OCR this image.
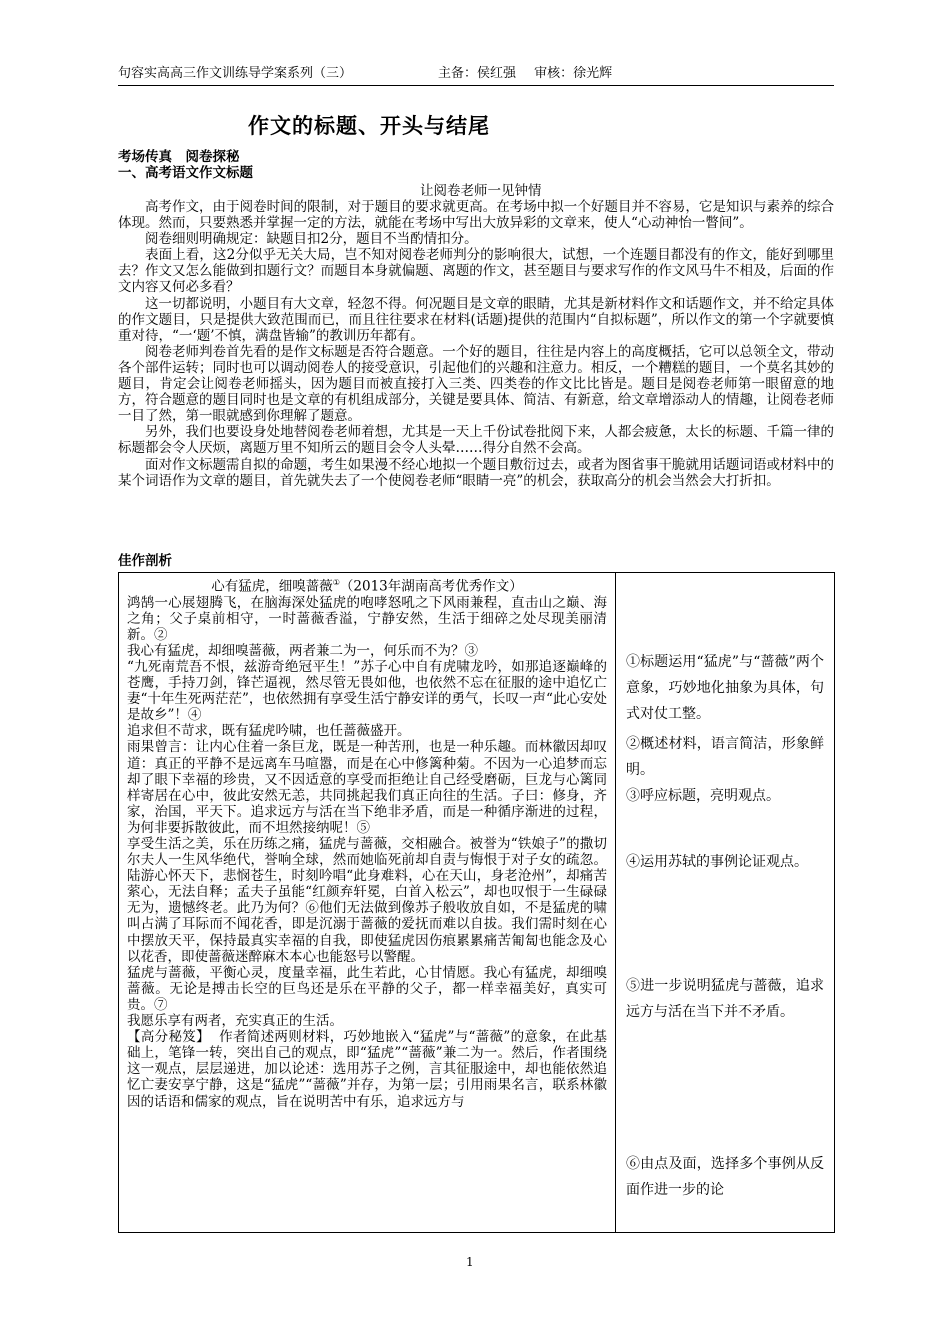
句容实高高三作文训练导学案系列（三）	主备：侯红强 审核：徐光辉
作文的标题、开头与结尾
考场传真　阅卷探秘
一、高考语文作文标题
让阅卷老师一见钟情

高考作文，由于阅卷时间的限制，对于题目的要求就更高。在考场中拟一个好题目并不容易，它是知识与素养的综合体现。然而，只要熟悉并掌握一定的方法，就能在考场中写出大放异彩的文章来，使人“心动神怡一瞥间”。

阅卷细则明确规定：缺题目扣2分，题目不当酌情扣分。

表面上看，这2分似乎无关大局，岂不知对阅卷老师判分的影响很大，试想，一个连题目都没有的作文，能好到哪里去？作文又怎么能做到扣题行文？而题目本身就偏题、离题的作文，甚至题目与要求写作的作文风马牛不相及，后面的作文内容又何必多看？

这一切都说明，小题目有大文章，轻忽不得。何况题目是文章的眼睛，尤其是新材料作文和话题作文，并不给定具体的作文题目，只是提供大致范围而已，而且往往要求在材料(话题)提供的范围内“自拟标题”，所以作文的第一个字就要慎重对待，“一‘题’不慎，满盘皆输”的教训历年都有。

阅卷老师判卷首先看的是作文标题是否符合题意。一个好的题目，往往是内容上的高度概括，它可以总领全文，带动各个部件运转；同时也可以调动阅卷人的接受意识，引起他们的兴趣和注意力。相反，一个糟糕的题目，一个莫名其妙的题目，肯定会让阅卷老师摇头，因为题目而被直接打入三类、四类卷的作文比比皆是。题目是阅卷老师第一眼留意的地方，符合题意的题目同时也是文章的有机组成部分，关键是要具体、简洁、有新意，给文章增添动人的情趣，让阅卷老师一目了然，第一眼就感到你理解了题意。

另外，我们也要设身处地替阅卷老师着想，尤其是一天上千份试卷批阅下来，人都会疲惫，太长的标题、千篇一律的标题都会令人厌烦，离题万里不知所云的题目会令人头晕……得分自然不会高。

面对作文标题需自拟的命题，考生如果漫不经心地拟一个题目敷衍过去，或者为图省事干脆就用话题词语或材料中的某个词语作为文章的题目，首先就失去了一个使阅卷老师“眼睛一亮”的机会，获取高分的机会当然会大打折扣。

佳作剖析
心有猛虎，细嗅蔷薇①（2013年湖南高考优秀作文）

鸿鹄一心展翅腾飞，在脑海深处猛虎的咆哮怒吼之下风雨兼程，直击山之巅、海之角；父子桌前相守，一时蔷薇香溢，宁静安然，生活于细碎之处尽现美丽清新。②

我心有猛虎，却细嗅蔷薇，两者兼二为一，何乐而不为？③

“九死南荒吾不恨，兹游奇绝冠平生！”苏子心中自有虎啸龙吟，如那追逐巅峰的苍鹰，手持刀剑，锋芒逼视，然尽管无畏如他，也依然不忘在征服的途中追忆亡妻“十年生死两茫茫”，也依然拥有享受生活宁静安详的勇气，长叹一声“此心安处是故乡”！④

追求但不苛求，既有猛虎吟啸，也任蔷薇盛开。

雨果曾言：让内心住着一条巨龙，既是一种苦刑，也是一种乐趣。而林徽因却叹道：真正的平静不是远离车马喧嚣，而是在心中修篱种菊。不因为一心追梦而忘却了眼下幸福的珍贵，又不因适意的享受而拒绝让自己经受磨砺，巨龙与心篱同样寄居在心中，彼此安然无恙，共同挑起我们真正向往的生活。子曰：修身，齐家，治国，平天下。追求远方与活在当下绝非矛盾，而是一种循序渐进的过程，为何非要拆散彼此，而不坦然接纳呢！⑤

享受生活之美，乐在历练之痛，猛虎与蔷薇，交相融合。被誉为“铁娘子”的撒切尔夫人一生风华绝代，誉响全球，然而她临死前却自责与悔恨于对子女的疏忽。陆游心怀天下，悲悯苍生，时刻吟唱“此身难料，心在天山，身老沧州”，却痛苦萦心，无法自释；孟夫子虽能“红颜弃轩冕，白首入松云”，却也叹恨于一生碌碌无为，遗憾终老。此乃为何？⑥他们无法做到像苏子般收放自如，不是猛虎的啸叫占满了耳际而不闻花香，即是沉溺于蔷薇的爱抚而难以自拔。我们需时刻在心中摆放天平，保持最真实幸福的自我，即使猛虎因伤痕累累痛苦匍匐也能念及心以花香，即使蔷薇迷醉麻木本心也能怒号以警醒。

猛虎与蔷薇，平衡心灵，度量幸福，此生若此，心甘情愿。我心有猛虎，却细嗅蔷薇。无论是搏击长空的巨鸟还是乐在平静的父子，都一样幸福美好，真实可贵。⑦

我愿乐享有两者，充实真正的生活。

【高分秘笈】 作者简述两则材料，巧妙地嵌入“猛虎”与“蔷薇”的意象，在此基础上，笔锋一转，突出自己的观点，即“猛虎”“蔷薇”兼二为一。然后，作者围绕这一观点，层层递进，加以论述：选用苏子之例，言其征服途中，却也能依然追忆亡妻安享宁静，这是“猛虎”“蔷薇”并存，为第一层；引用雨果名言，联系林徽因的话语和儒家的观点，旨在说明苦中有乐，追求远方与

①标题运用“猛虎”与“蔷薇”两个意象，巧妙地化抽象为具体，句式对仗工整。
②概述材料，语言简洁，形象鲜明。
③呼应标题，亮明观点。
④运用苏轼的事例论证观点。
⑤进一步说明猛虎与蔷薇，追求远方与活在当下并不矛盾。
⑥由点及面，选择多个事例从反面作进一步的论
1
